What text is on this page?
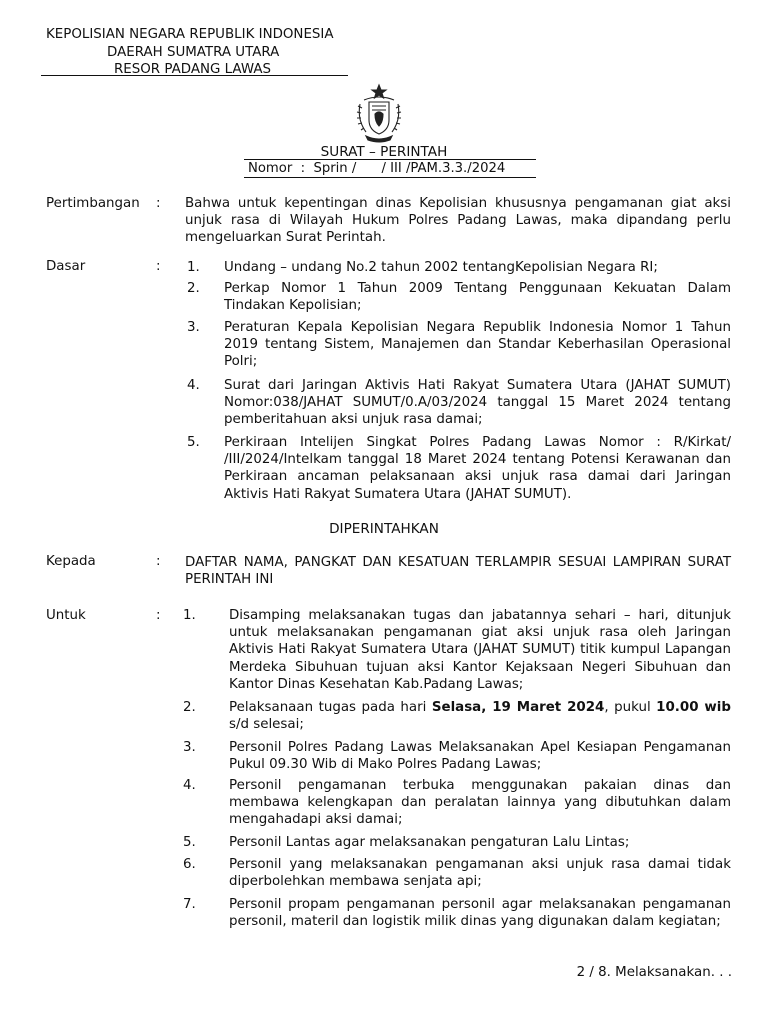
KEPOLISIAN NEGARA REPUBLIK INDONESIA
DAERAH SUMATRA UTARA
RESOR PADANG LAWAS
SURAT – PERINTAH
Nomor  :  Sprin /      / III /PAM.3.3./2024
Pertimbangan : Bahwa untuk kepentingan dinas Kepolisian khususnya pengamanan giat aksi unjuk rasa di Wilayah Hukum Polres Padang Lawas, maka dipandang perlu mengeluarkan Surat Perintah.
Dasar	: 1. Undang – undang No.2 tahun 2002 tentangKepolisian Negara RI;
2. Perkap Nomor 1 Tahun 2009 Tentang Penggunaan Kekuatan Dalam Tindakan Kepolisian;
3. Peraturan Kepala Kepolisian Negara Republik Indonesia Nomor 1 Tahun 2019 tentang Sistem, Manajemen dan Standar Keberhasilan Operasional Polri;
4. Surat dari Jaringan Aktivis Hati Rakyat Sumatera Utara (JAHAT SUMUT) Nomor:038/JAHAT SUMUT/0.A/03/2024 tanggal 15 Maret 2024 tentang pemberitahuan aksi unjuk rasa damai;
5. Perkiraan Intelijen Singkat Polres Padang Lawas Nomor : R/Kirkat/ /III/2024/Intelkam tanggal 18 Maret 2024 tentang Potensi Kerawanan dan Perkiraan ancaman pelaksanaan aksi unjuk rasa damai dari Jaringan Aktivis Hati Rakyat Sumatera Utara (JAHAT SUMUT).
DIPERINTAHKAN
Kepada	: DAFTAR NAMA, PANGKAT DAN KESATUAN TERLAMPIR SESUAI LAMPIRAN SURAT PERINTAH INI
Untuk	: 1. Disamping melaksanakan tugas dan jabatannya sehari – hari, ditunjuk untuk melaksanakan pengamanan giat aksi unjuk rasa oleh Jaringan Aktivis Hati Rakyat Sumatera Utara (JAHAT SUMUT) titik kumpul Lapangan Merdeka Sibuhuan tujuan aksi Kantor Kejaksaan Negeri Sibuhuan dan Kantor Dinas Kesehatan Kab.Padang Lawas;
2. Pelaksanaan tugas pada hari Selasa, 19 Maret 2024, pukul 10.00 wib s/d selesai;
3. Personil Polres Padang Lawas Melaksanakan Apel Kesiapan Pengamanan Pukul 09.30 Wib di Mako Polres Padang Lawas;
4. Personil pengamanan terbuka menggunakan pakaian dinas dan membawa kelengkapan dan peralatan lainnya yang dibutuhkan dalam mengahadapi aksi damai;
5. Personil Lantas agar melaksanakan pengaturan Lalu Lintas;
6. Personil yang melaksanakan pengamanan aksi unjuk rasa damai tidak diperbolehkan membawa senjata api;
7. Personil propam pengamanan personil agar melaksanakan pengamanan personil, materil dan logistik milik dinas yang digunakan dalam kegiatan;
2 / 8. Melaksanakan. . .
